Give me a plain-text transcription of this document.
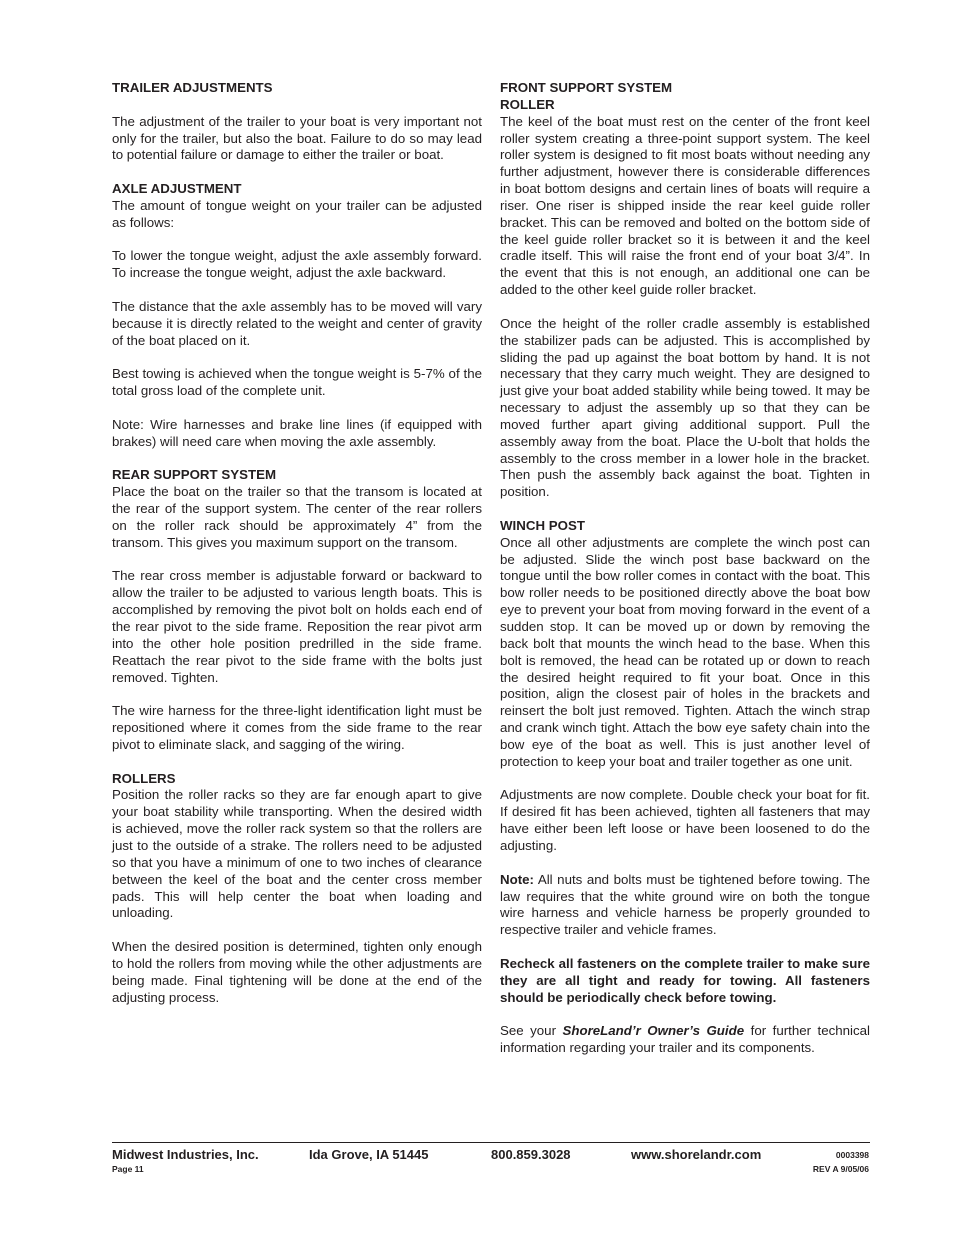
TRAILER ADJUSTMENTS

The adjustment of the trailer to your boat is very important not only for the trailer, but also the boat. Failure to do so may lead to potential failure or damage to either the trailer or boat.

AXLE ADJUSTMENT

The amount of tongue weight on your trailer can be adjusted as follows:

To lower the tongue weight, adjust the axle assembly forward. To increase the tongue weight, adjust the axle backward.

The distance that the axle assembly has to be moved will vary because it is directly related to the weight and center of gravity of the boat placed on it.

Best towing is achieved when the tongue weight is 5-7% of the total gross load of the complete unit.

Note: Wire harnesses and brake line lines (if equipped with brakes) will need care when moving the axle assembly.

REAR SUPPORT SYSTEM

Place the boat on the trailer so that the transom is located at the rear of the support system. The center of the rear rollers on the roller rack should be approximately 4” from the transom. This gives you maximum support on the transom.

The rear cross member is adjustable forward or backward to allow the trailer to be adjusted to various length boats. This is accomplished by removing the pivot bolt on holds each end of the rear pivot to the side frame. Reposition the rear pivot arm into the other hole position predrilled in the side frame. Reattach the rear pivot to the side frame with the bolts just removed. Tighten.

The wire harness for the three-light identification light must be repositioned where it comes from the side frame to the rear pivot to eliminate slack, and sagging of the wiring.

ROLLERS

Position the roller racks so they are far enough apart to give your boat stability while transporting. When the desired width is achieved, move the roller rack system so that the rollers are just to the outside of a strake. The rollers need to be adjusted so that you have a minimum of one to two inches of clearance between the keel of the boat and the center cross member pads. This will help center the boat when loading and unloading.

When the desired position is determined, tighten only enough to hold the rollers from moving while the other adjustments are being made. Final tightening will be done at the end of the adjusting process.

FRONT SUPPORT SYSTEM
ROLLER

The keel of the boat must rest on the center of the front keel roller system creating a three-point support system. The keel roller system is designed to fit most boats without needing any further adjustment, however there is considerable differences in boat bottom designs and certain lines of boats will require a riser. One riser is shipped inside the rear keel guide roller bracket. This can be removed and bolted on the bottom side of the keel guide roller bracket so it is between it and the keel cradle itself. This will raise the front end of your boat 3/4”. In the event that this is not enough, an additional one can be added to the other keel guide roller bracket.

Once the height of the roller cradle assembly is established the stabilizer pads can be adjusted. This is accomplished by sliding the pad up against the boat bottom by hand. It is not necessary that they carry much weight. They are designed to just give your boat added stability while being towed. It may be necessary to adjust the assembly up so that they can be moved further apart giving additional support. Pull the assembly away from the boat. Place the U-bolt that holds the assembly to the cross member in a lower hole in the bracket. Then push the assembly back against the boat. Tighten in position.

WINCH POST

Once all other adjustments are complete the winch post can be adjusted. Slide the winch post base backward on the tongue until the bow roller comes in contact with the boat. This bow roller needs to be positioned directly above the boat bow eye to prevent your boat from moving forward in the event of a sudden stop. It can be moved up or down by removing the back bolt that mounts the winch head to the base. When this bolt is removed, the head can be rotated up or down to reach the desired height required to fit your boat. Once in this position, align the closest pair of holes in the brackets and reinsert the bolt just removed. Tighten. Attach the winch strap and crank winch tight. Attach the bow eye safety chain into the bow eye of the boat as well. This is just another level of protection to keep your boat and trailer together as one unit.

Adjustments are now complete. Double check your boat for fit. If desired fit has been achieved, tighten all fasteners that may have either been left loose or have been loosened to do the adjusting.

Note: All nuts and bolts must be tightened before towing. The law requires that the white ground wire on both the tongue wire harness and vehicle harness be properly grounded to respective trailer and vehicle frames.

Recheck all fasteners on the complete trailer to make sure they are all tight and ready for towing. All fasteners should be periodically check before towing.

See your ShoreLand’r Owner’s Guide for further technical information regarding your trailer and its components.

Midwest Industries, Inc.	Ida Grove, IA 51445	800.859.3028	www.shorelandr.com
Page 11
0003398
REV A 9/05/06
